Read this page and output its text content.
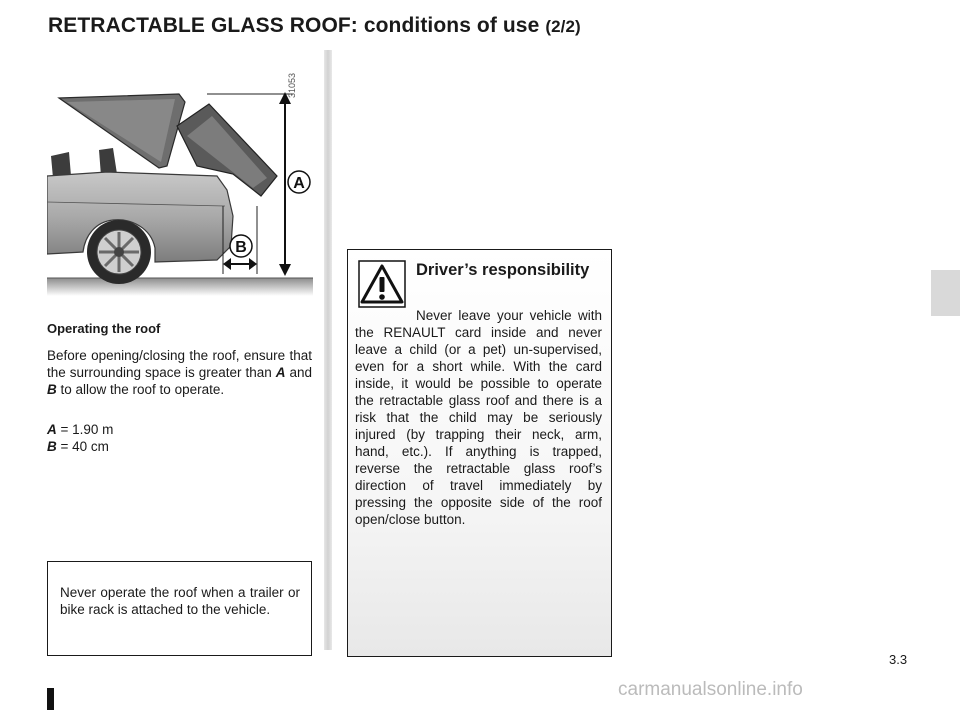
RETRACTABLE GLASS ROOF: conditions of use (2/2)
A
B
31053
Operating the roof

Before opening/closing the roof, ensure that the surrounding space is greater than A and B to allow the roof to operate.

A = 1.90 m
B = 40 cm

Never operate the roof when a trailer or bike rack is attached to the vehicle.

Driver’s responsibility

Never leave your vehicle with the RENAULT card inside and never leave a child (or a pet) un-supervised, even for a short while. With the card inside, it would be possible to operate the retractable glass roof and there is a risk that the child may be seriously injured (by trapping their neck, arm, hand, etc.). If anything is trapped, reverse the retractable glass roof’s direction of travel immediately by pressing the opposite side of the roof open/close button.

3.3
carmanualsonline.info
